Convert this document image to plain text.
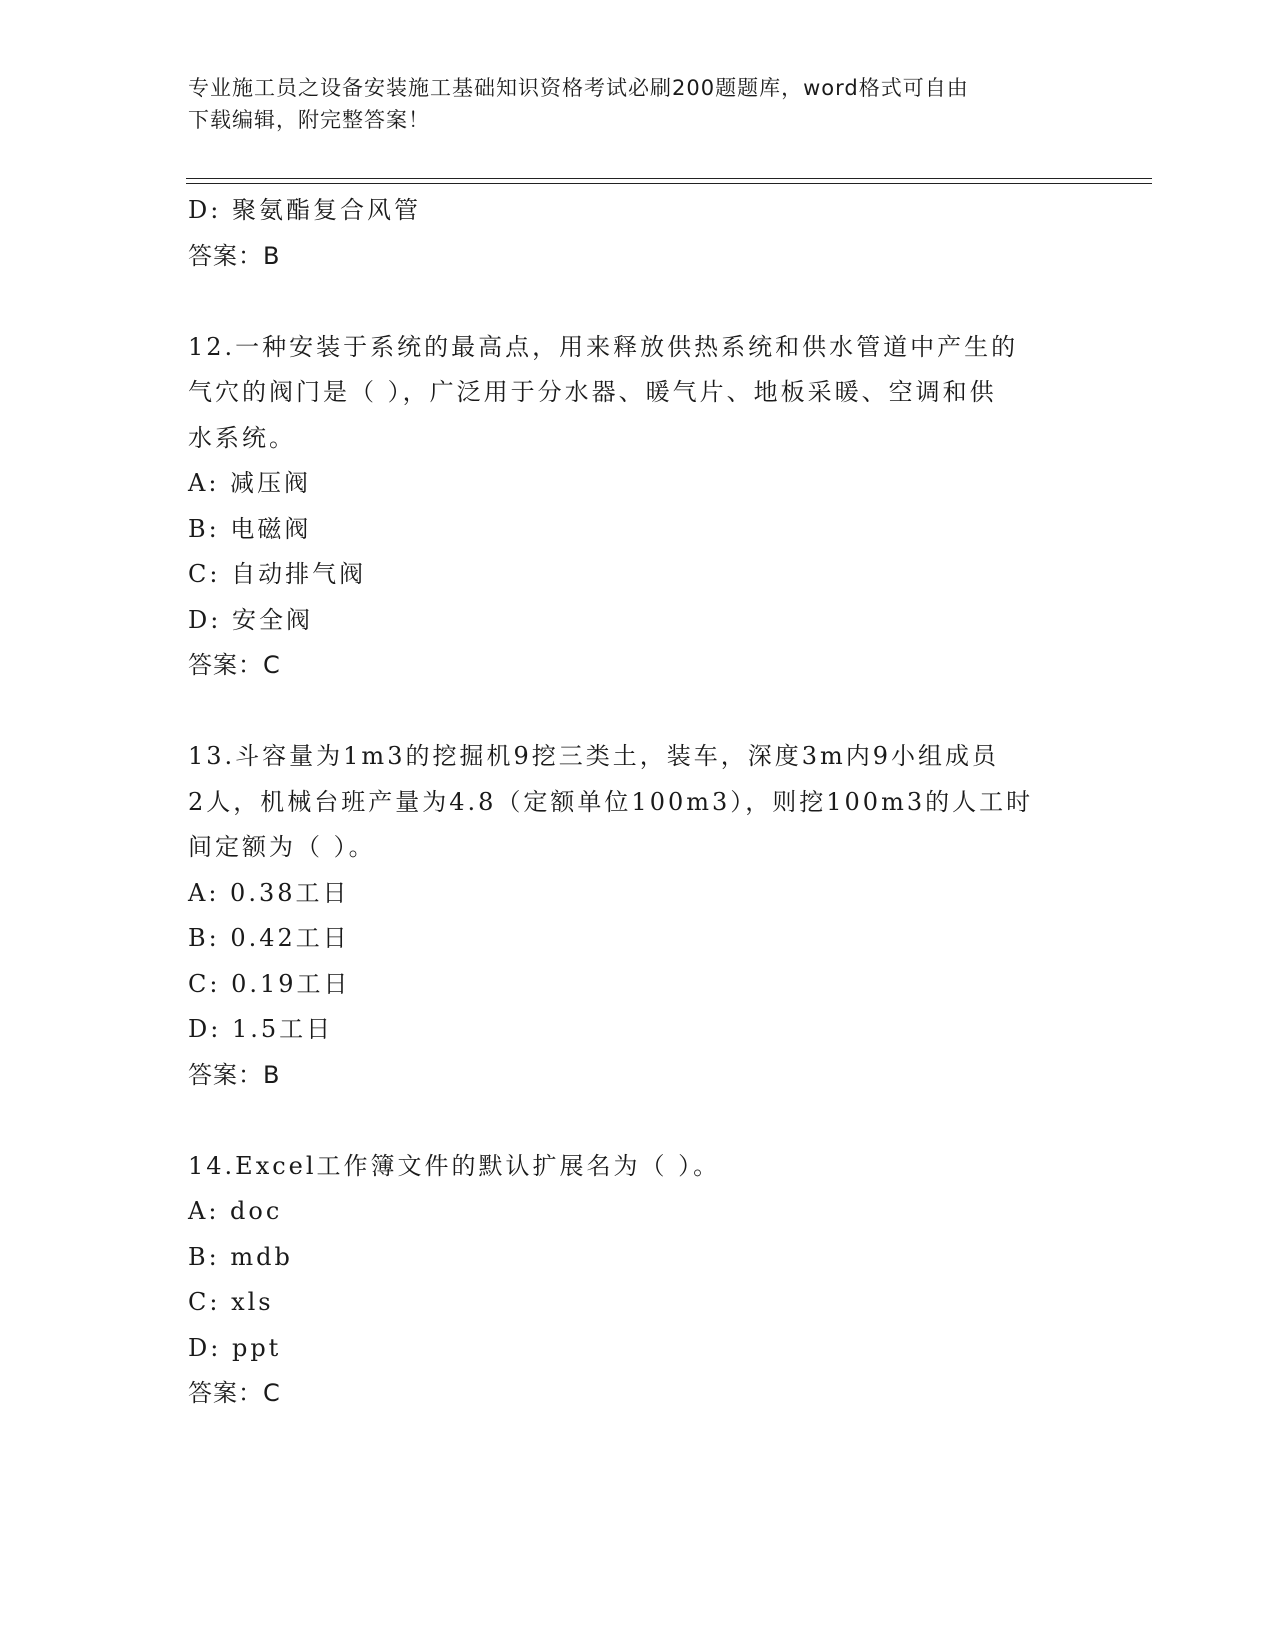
专业施工员之设备安装施工基础知识资格考试必刷200题题库，word格式可自由
下载编辑，附完整答案！
D: 聚氨酯复合风管
答案：B
12.一种安装于系统的最高点，用来释放供热系统和供水管道中产生的
气穴的阀门是（ ），广泛用于分水器、暖气片、地板采暖、空调和供
水系统。
A: 减压阀
B: 电磁阀
C: 自动排气阀
D: 安全阀
答案：C
13.斗容量为1m3的挖掘机9挖三类土，装车，深度3m内9小组成员
2人，机械台班产量为4.8（定额单位100m3），则挖100m3的人工时
间定额为（ ）。
A: 0.38工日
B: 0.42工日
C: 0.19工日
D: 1.5工日
答案：B
14.Excel工作簿文件的默认扩展名为（ ）。
A: doc
B: mdb
C: xls
D: ppt
答案：C
